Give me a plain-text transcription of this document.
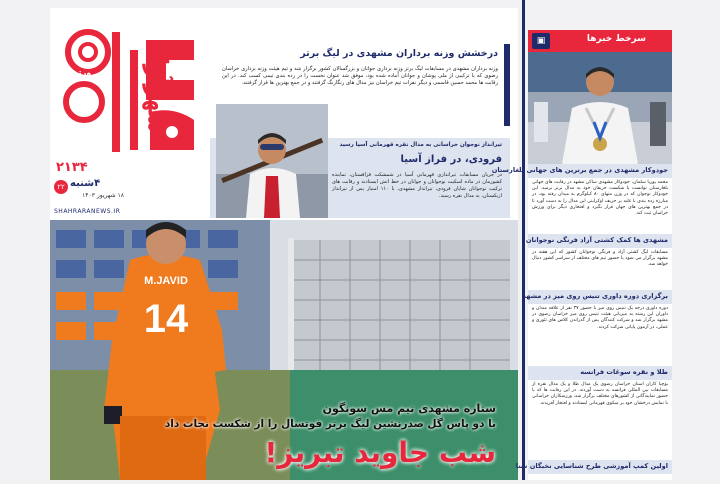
شهرآرا
ورزشی
۲۱۳۴
۲۲ ۴شنبه
۱۸ شهریور ۱۴۰۳
SHAHRARANEWS.IR
درخشش وزنه برداران مشهدی در لیگ برتر

وزنه برداران مشهدی در مسابقات لیگ برتر وزنه برداری جوانان و بزرگسالان کشور برگزار شد و تیم هیئت وزنه برداری خراسان رضوی که با ترکیبی از ملی پوشان و جوانان آماده شده بود، موفق شد عنوان نخست را در رده بندی تیمی کسب کند. در این رقابت ها محمد حسین قاسمی و دیگر نفرات تیم خراسان نیز مدال های رنگارنگ گرفتند و در جمع بهترین ها قرار گرفتند.

تیرانداز نوجوان خراسانی به مدال نقره قهرمانی آسیا رسید
فرودی، در فراز آسیا

در جریان مسابقات تیراندازی قهرمانی آسیا در شمشکت قزاقستان، نماینده کشورمان در ماده اسکیت نوجوانان و جوانان در خط اتش ایستادند و رقابت های ترکیب نوجوانان شایان فرودی، تیرانداز مشهدی، با ۱۱۰ امتیاز پس از تیرانداز ازبکستان، به مدال نقره رسید.

M.JAVID
14
ستاره مشهدی تیم مس سونگون
با دو پاس گل صدرنشین لیگ برتر فوتسال را از شکست نجات داد
شب جاوید تبریز!
▣	سرخط خبرها
جودوکار مشهدی در جمع برترین های جهانی بلغارستان
محمد پوریا سلمان، جودوکار مشهدی ساکن مشهد در رقابت های جهانی بلغارستان توانست با شکست حریفان خود به مدال برنز برسد. این جودوکار نوجوان که در وزن منهای ۸۰ کیلوگرم به میدان رفته بود، در مبارزه رده بندی با غلبه بر حریف اوکراینی این مدال را به دست آورد تا در جمع بهترین های جهان قرار بگیرد و افتخاری دیگر برای ورزش خراسان ثبت کند.
مشهدی ها کمک کشتی آزاد فرنگی نوجوانان
مسابقات لیگ کشتی آزاد و فرنگی نوجوانان کشور که این هفته در مشهد برگزار می شود با حضور تیم های مختلف از سراسر کشور دنبال خواهد شد.
برگزاری دوره داوری تنیس روی میز در مشهد
دوره داوری درجه یک تنیس روی میز با حضور ۳۷ نفر از علاقه مندان و داوران این رشته به میزبانی هیئت تنیس روی میز خراسان رضوی در مشهد برگزار شد و شرکت کنندگان پس از گذراندن کلاس های تئوری و عملی، در آزمون پایانی شرکت کردند.
طلا و نقره سوغات فرانسه
بوچیا کاران استان خراسان رضوی یک مدال طلا و یک مدال نقره از مسابقات بین المللی فرانسه به دست آوردند. در این رقابت ها که با حضور نمایندگانی از کشورهای مختلف برگزار شد، ورزشکاران خراسانی با نمایش درخشان خود بر سکوی قهرمانی ایستادند و افتخار آفریدند.
اولین کمپ آموزشی طرح شناسایی نخبگان شنا
